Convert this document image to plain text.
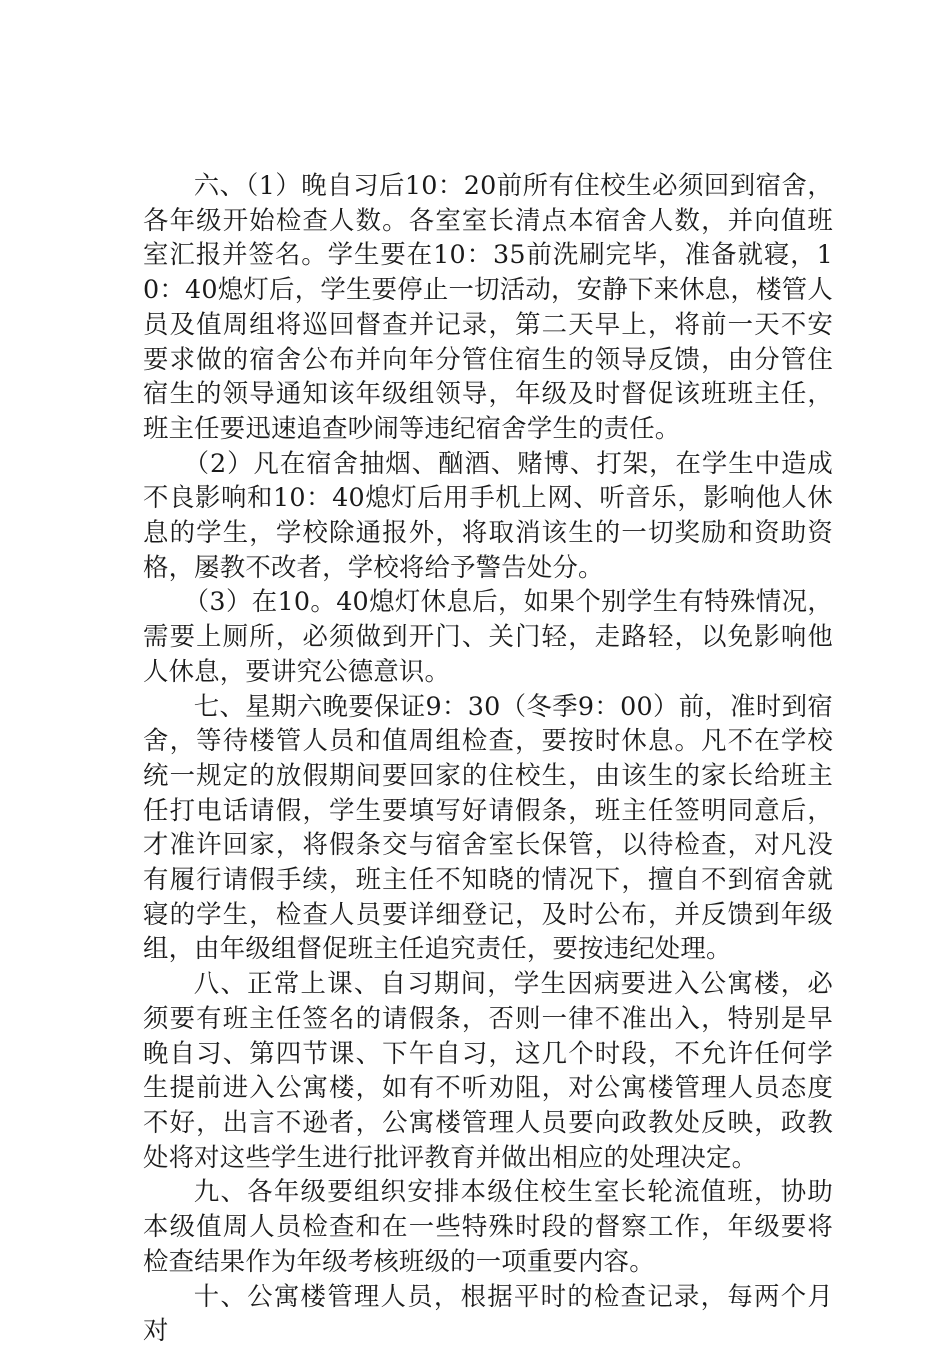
六、（1）晚自习后10：20前所有住校生必须回到宿舍，各年级开始检查人数。各室室长清点本宿舍人数，并向值班室汇报并签名。学生要在10：35前洗刷完毕，准备就寝，10：40熄灯后，学生要停止一切活动，安静下来休息，楼管人员及值周组将巡回督查并记录，第二天早上，将前一天不安要求做的宿舍公布并向年分管住宿生的领导反馈，由分管住宿生的领导通知该年级组领导，年级及时督促该班班主任，班主任要迅速追查吵闹等违纪宿舍学生的责任。

（2）凡在宿舍抽烟、酗酒、赌博、打架，在学生中造成不良影响和10：40熄灯后用手机上网、听音乐，影响他人休息的学生，学校除通报外，将取消该生的一切奖励和资助资格，屡教不改者，学校将给予警告处分。

（3）在10。40熄灯休息后，如果个别学生有特殊情况，需要上厕所，必须做到开门、关门轻，走路轻，以免影响他人休息，要讲究公德意识。

七、星期六晚要保证9：30（冬季9：00）前，准时到宿舍，等待楼管人员和值周组检查，要按时休息。凡不在学校统一规定的放假期间要回家的住校生，由该生的家长给班主任打电话请假，学生要填写好请假条，班主任签明同意后，才准许回家，将假条交与宿舍室长保管，以待检查，对凡没有履行请假手续，班主任不知晓的情况下，擅自不到宿舍就寝的学生，检查人员要详细登记，及时公布，并反馈到年级组，由年级组督促班主任追究责任，要按违纪处理。

八、正常上课、自习期间，学生因病要进入公寓楼，必须要有班主任签名的请假条，否则一律不准出入，特别是早晚自习、第四节课、下午自习，这几个时段，不允许任何学生提前进入公寓楼，如有不听劝阻，对公寓楼管理人员态度不好，出言不逊者，公寓楼管理人员要向政教处反映，政教处将对这些学生进行批评教育并做出相应的处理决定。

九、各年级要组织安排本级住校生室长轮流值班，协助本级值周人员检查和在一些特殊时段的督察工作，年级要将检查结果作为年级考核班级的一项重要内容。

十、公寓楼管理人员，根据平时的检查记录，每两个月对
